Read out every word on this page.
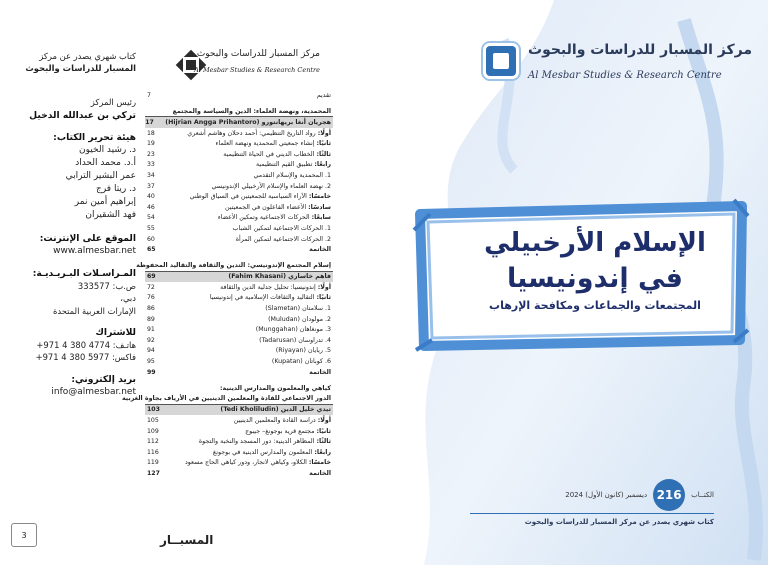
كتاب شهري يصدر عن مركز
المسبار للدراسات والبحوث
رئيس المركز
تركي بن عبدالله الدخيل
هيئة تحرير الكتاب:
د. رشيد الخيون
أ.د. محمد الحداد
عمر البشير الترابي
د. ريتا فرج
إبراهيم أمين نمر
فهد الشقيران
الموقع على الإنترنت:
www.almesbar.net
المـراسـلات البـريـديـة:
ص.ب: 333577
دبي،
الإمارات العربية المتحدة
للاشتراك
هاتـف: 4774 380 4 971+
فاكس: 5977 380 4 971+
بريد إلكتروني:
info@almesbar.net
3
مركز المسبار للدراسات والبحوث
Al Mesbar Studies & Research Centre
تقديم
7
المحمدية، ونهضة العلماء: الدين والسياسة والمجتمع
هجريان أنغا بريهانتورو (Hijrian Angga Prihantoro)
17
أولًا: رواد التاريخ التنظيمي: أحمد دحلان وهاشم أشعري
18
ثانيًا: إنشاء جمعيتي المحمدية ونهضة العلماء
19
ثالثًا: الخطاب الديني في الحياة التنظيمية
23
رابعًا: تطبيق القيم التنظيمية
33
1. المحمدية والإسلام التقدمي
34
2. نهضة العلماء والإسلام الأرخبيلي الإندونيسي
37
خامسًا: الآراء السياسية للجمعيتين في السياق الوطني
40
سادسًا: الأعضاء الفاعلون في الجمعيتين
46
سابعًا: الحركات الاجتماعية وتمكين الأعضاء
54
1. الحركات الاجتماعية لتمكين الشباب
55
2. الحركات الاجتماعية لتمكين المرأة
60
الخاتمة
65
إسلام المجتمع الإندونيسي: التدين والثقافة والتقاليد المحفوظة
فاهم خاساري (Fahim Khasani)
69
أولًا: إندونيسيا: تحليل جدلية الدين والثقافة
72
ثانيًا: التقاليد والثقافات الإسلامية في إندونيسيا
76
1. سلامتان (Slametan)
86
2. مولودان (Muludan)
89
3. مونغاهان (Munggahan)
91
4. تدراوسان (Tadarusan)
92
5. ريايان (Riyayan)
94
6. كوباتان (Kupatan)
95
الخاتمة
99
كياهي والمعلمون والمدارس الدينية:
الدور الاجتماعي للقادة والمعلمين الدينيين في الأرياف بجاوة الغربية
تيدي خليل الدين (Tedi Kholiludin)
103
أولًا: دراسة القادة والمعلمين الدينيين
105
ثانيًا: مجتمع قرية بوجونغ– جيبوج
109
ثالثًا: المظاهر الدينية: دور المسجد والنخبة والتجوة
112
رابعًا: المعلمون والمدارس الدينية في بوجونغ
116
خامسًا: الكلاو، وكياهي لانجار، ودور كياهي الحاج مسعود
119
الخاتمة
127
المسبــار
مركز المسبار للدراسات والبحوث
Al Mesbar Studies & Research Centre
الإسلام الأرخبيلي
في إندونيسيا
المجتمعات والجماعات ومكافحة الإرهاب
الكتــاب
216
ديسمبر (كانون الأول) 2024
كتاب شهري يصدر عن مركز المسبار للدراسات والبحوث
